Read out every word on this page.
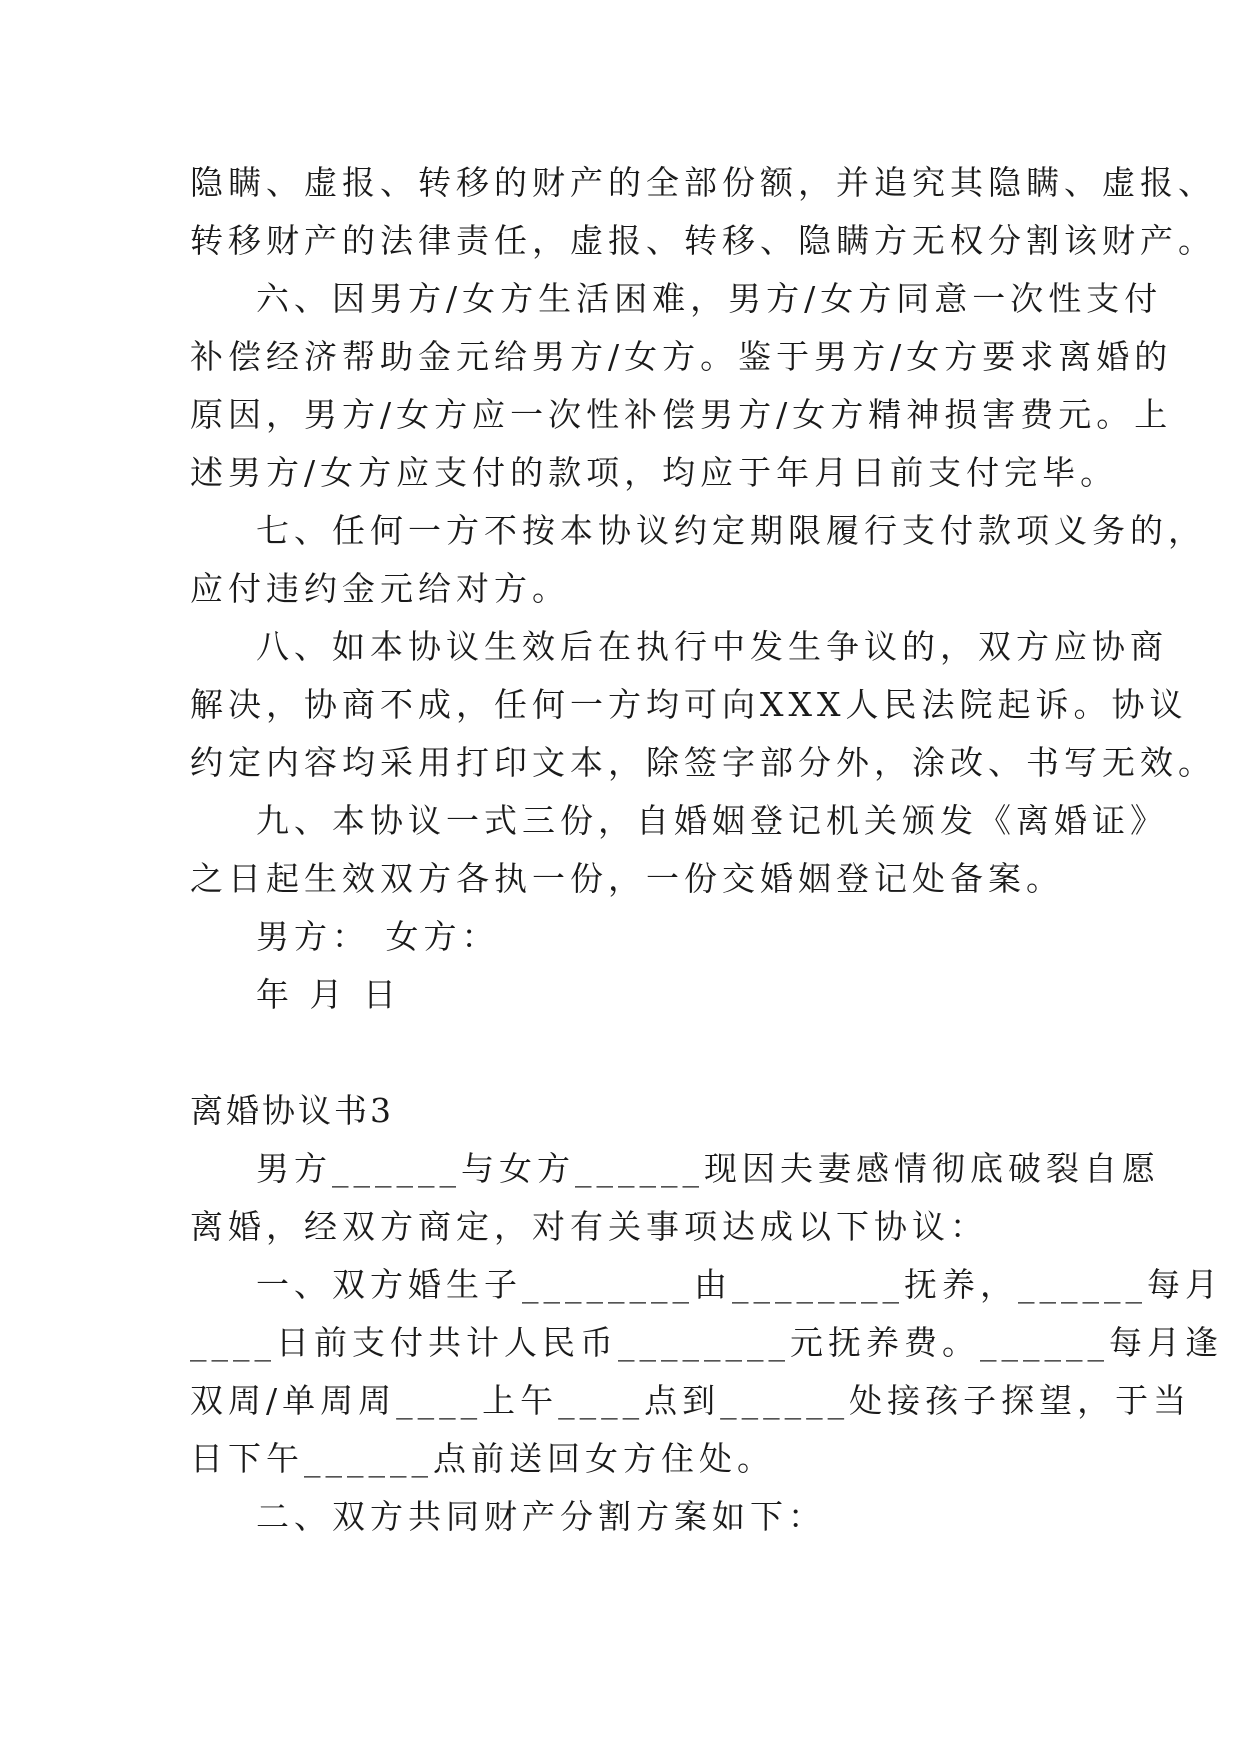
隐瞒、虚报、转移的财产的全部份额，并追究其隐瞒、虚报、
转移财产的法律责任，虚报、转移、隐瞒方无权分割该财产。
六、因男方/女方生活困难，男方/女方同意一次性支付
补偿经济帮助金元给男方/女方。鉴于男方/女方要求离婚的
原因，男方/女方应一次性补偿男方/女方精神损害费元。上
述男方/女方应支付的款项，均应于年月日前支付完毕。
七、任何一方不按本协议约定期限履行支付款项义务的，
应付违约金元给对方。
八、如本协议生效后在执行中发生争议的，双方应协商
解决，协商不成，任何一方均可向XXX人民法院起诉。协议
约定内容均采用打印文本，除签字部分外，涂改、书写无效。
九、本协议一式三份，自婚姻登记机关颁发《离婚证》
之日起生效双方各执一份，一份交婚姻登记处备案。
男方： 女方：
年 月 日
离婚协议书3
男方______与女方______现因夫妻感情彻底破裂自愿
离婚，经双方商定，对有关事项达成以下协议：
一、双方婚生子________由________抚养，______每月
____日前支付共计人民币________元抚养费。______每月逢
双周/单周周____上午____点到______处接孩子探望，于当
日下午______点前送回女方住处。
二、双方共同财产分割方案如下：
